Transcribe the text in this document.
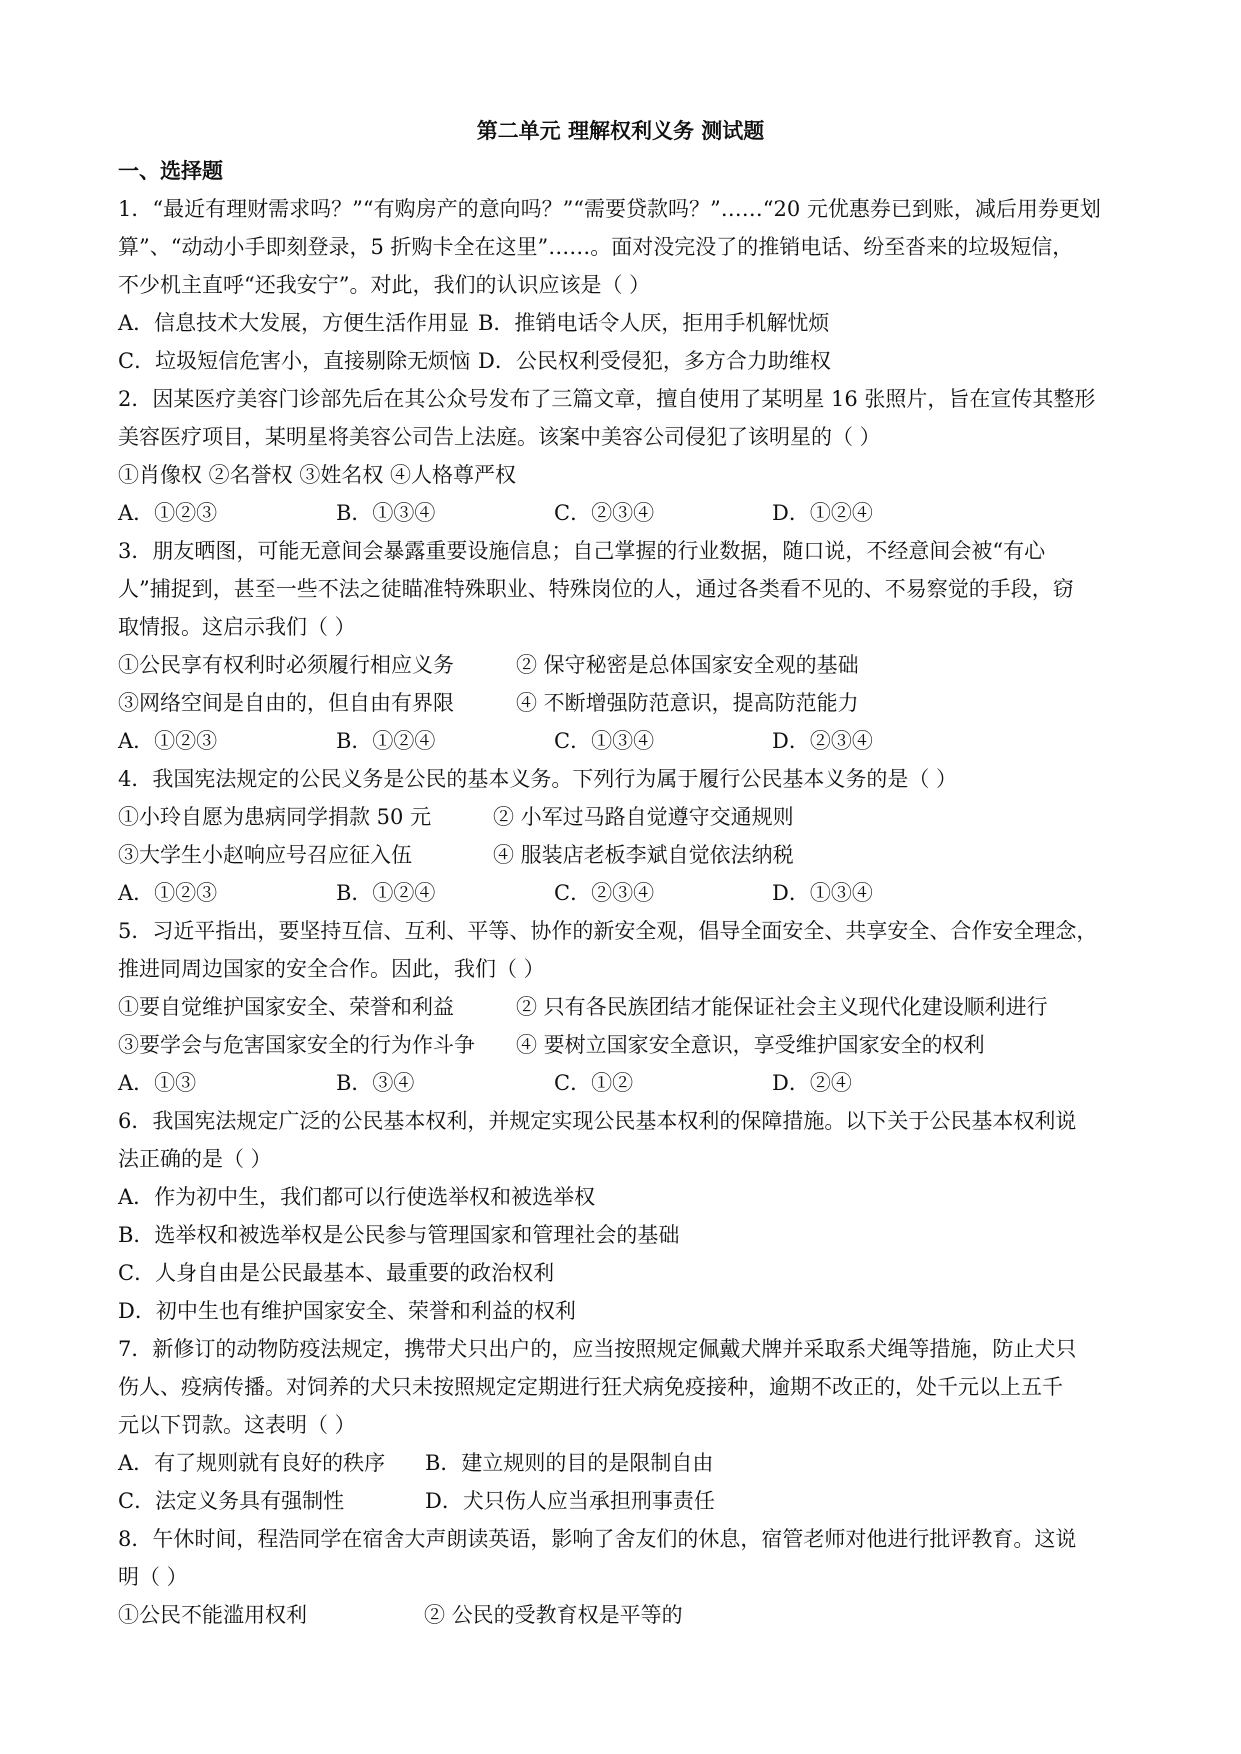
第二单元 理解权利义务 测试题
一、选择题
1．“最近有理财需求吗？”“有购房产的意向吗？”“需要贷款吗？”……“20 元优惠券已到账，减后用券更划
算”、“动动小手即刻登录，5 折购卡全在这里”……。面对没完没了的推销电话、纷至沓来的垃圾短信，
不少机主直呼“还我安宁”。对此，我们的认识应该是（ ）
A．信息技术大发展，方便生活作用显 B．推销电话令人厌，拒用手机解忧烦
C．垃圾短信危害小，直接剔除无烦恼 D．公民权利受侵犯，多方合力助维权
2．因某医疗美容门诊部先后在其公众号发布了三篇文章，擅自使用了某明星 16 张照片，旨在宣传其整形
美容医疗项目，某明星将美容公司告上法庭。该案中美容公司侵犯了该明星的（ ）
①肖像权 ②名誉权 ③姓名权 ④人格尊严权
A．①②③	B．①③④	C．②③④	D．①②④
3．朋友晒图，可能无意间会暴露重要设施信息；自己掌握的行业数据，随口说，不经意间会被“有心
人”捕捉到，甚至一些不法之徒瞄准特殊职业、特殊岗位的人，通过各类看不见的、不易察觉的手段，窃
取情报。这启示我们（ ）
①公民享有权利时必须履行相应义务	② 保守秘密是总体国家安全观的基础
③网络空间是自由的，但自由有界限	④ 不断增强防范意识，提高防范能力
A．①②③	B．①②④	C．①③④	D．②③④
4．我国宪法规定的公民义务是公民的基本义务。下列行为属于履行公民基本义务的是（ ）
①小玲自愿为患病同学捐款 50 元	② 小军过马路自觉遵守交通规则
③大学生小赵响应号召应征入伍	④ 服装店老板李斌自觉依法纳税
A．①②③	B．①②④	C．②③④	D．①③④
5．习近平指出，要坚持互信、互利、平等、协作的新安全观，倡导全面安全、共享安全、合作安全理念，
推进同周边国家的安全合作。因此，我们（ ）
①要自觉维护国家安全、荣誉和利益	② 只有各民族团结才能保证社会主义现代化建设顺利进行
③要学会与危害国家安全的行为作斗争	④ 要树立国家安全意识，享受维护国家安全的权利
A．①③	B．③④	C．①②	D．②④
6．我国宪法规定广泛的公民基本权利，并规定实现公民基本权利的保障措施。以下关于公民基本权利说
法正确的是（ ）
A．作为初中生，我们都可以行使选举权和被选举权
B．选举权和被选举权是公民参与管理国家和管理社会的基础
C．人身自由是公民最基本、最重要的政治权利
D．初中生也有维护国家安全、荣誉和利益的权利
7．新修订的动物防疫法规定，携带犬只出户的，应当按照规定佩戴犬牌并采取系犬绳等措施，防止犬只
伤人、疫病传播。对饲养的犬只未按照规定定期进行狂犬病免疫接种，逾期不改正的，处千元以上五千
元以下罚款。这表明（ ）
A．有了规则就有良好的秩序	B．建立规则的目的是限制自由
C．法定义务具有强制性	D．犬只伤人应当承担刑事责任
8．午休时间，程浩同学在宿舍大声朗读英语，影响了舍友们的休息，宿管老师对他进行批评教育。这说
明（ ）
①公民不能滥用权利	② 公民的受教育权是平等的
